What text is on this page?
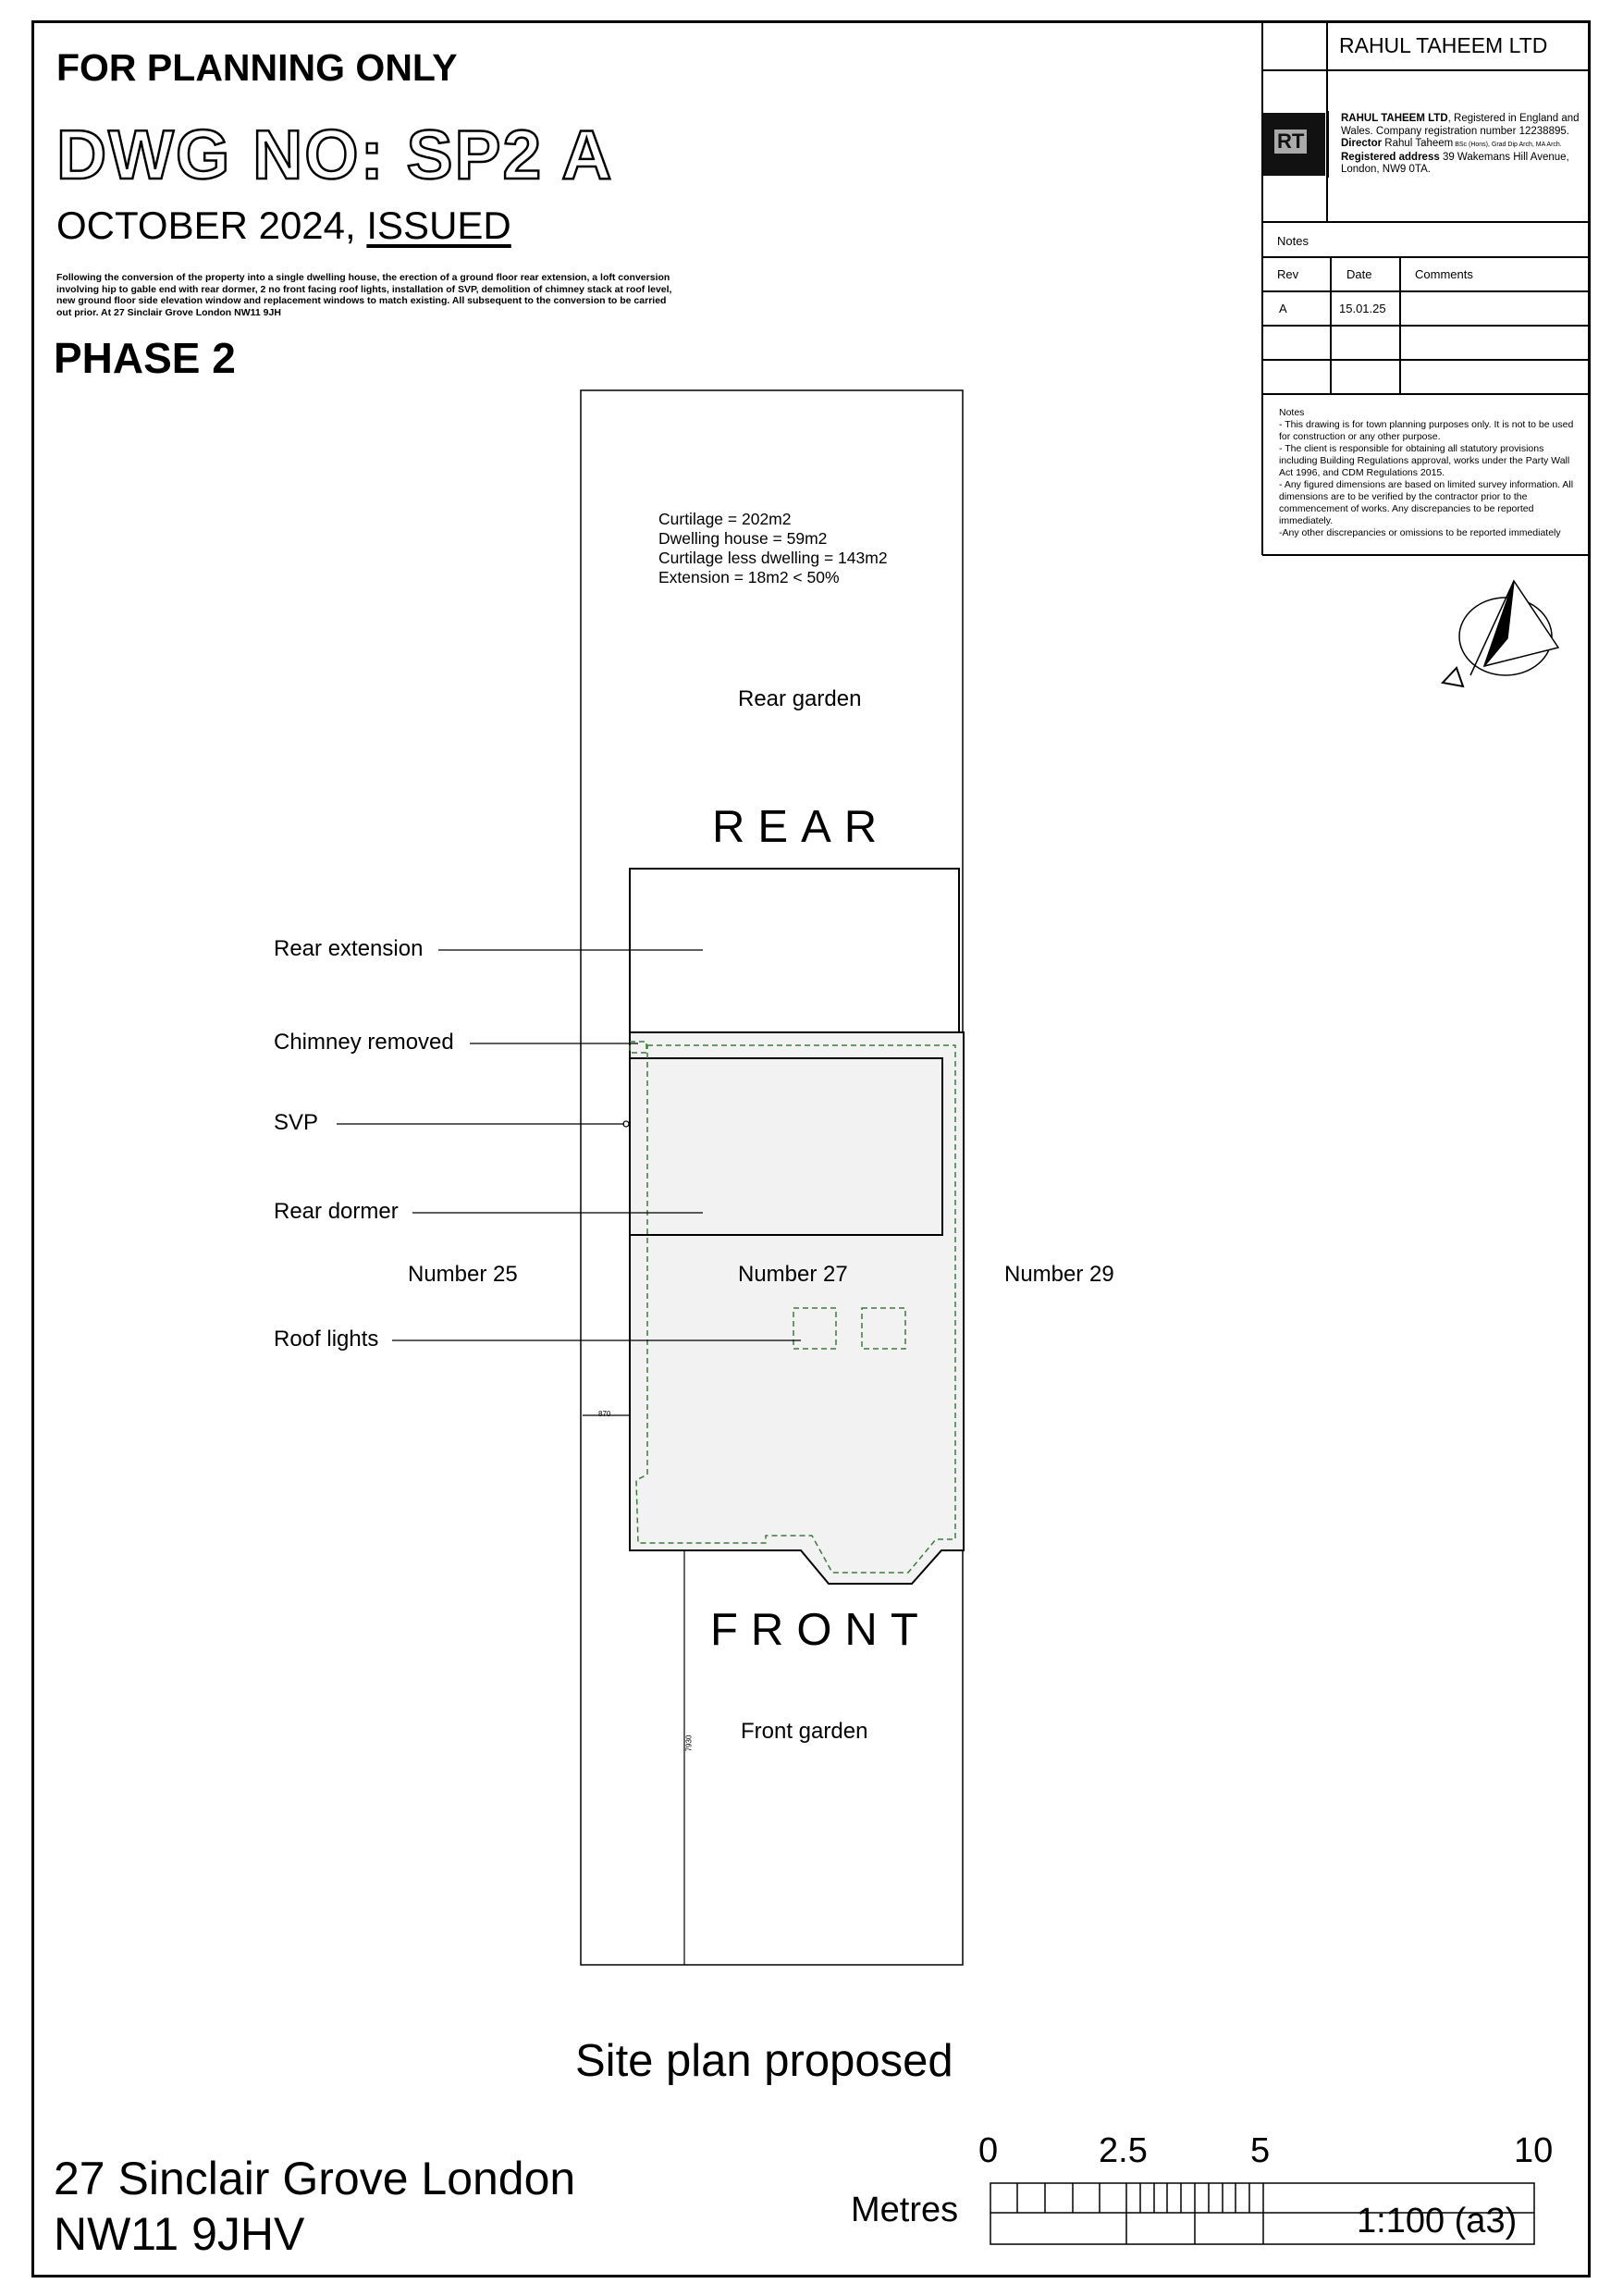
FOR PLANNING ONLY
DWG NO: SP2 A
OCTOBER 2024, ISSUED
Following the conversion of the property into a single dwelling house, the erection of a ground floor rear extension, a loft conversion involving hip to gable end with rear dormer, 2 no front facing roof lights, installation of SVP, demolition of chimney stack at roof level, new ground floor side elevation window and replacement windows to match existing. All subsequent to the conversion to be carried out prior. At 27 Sinclair Grove London NW11 9JH
PHASE 2
RAHUL TAHEEM LTD
RT
RAHUL TAHEEM LTD, Registered in England and Wales. Company registration number 12238895.
Director Rahul Taheem BSc (Hons), Grad Dip Arch, MA Arch.
Registered address 39 Wakemans Hill Avenue, London, NW9 0TA.
Notes
Rev	Date	Comments
A	15.01.25
Notes
- This drawing is for town planning purposes only. It is not to be used for construction or any other purpose.
- The client is responsible for obtaining all statutory provisions including Building Regulations approval, works under the Party Wall Act 1996, and CDM Regulations 2015.
- Any figured dimensions are based on limited survey information. All dimensions are to be verified by the contractor prior to the commencement of works. Any discrepancies to be reported immediately.
-Any other discrepancies or omissions to be reported immediately
Curtilage = 202m2
Dwelling house = 59m2
Curtilage less dwelling = 143m2
Extension = 18m2 < 50%
Rear garden
REAR
Rear extension
Chimney removed
SVP
Rear dormer
Number 25	Number 27	Number 29
Roof lights
870
FRONT
Front garden
7930
Site plan proposed
27 Sinclair Grove London
NW11 9JHV
0	2.5	5	10
Metres	1:100 (a3)
